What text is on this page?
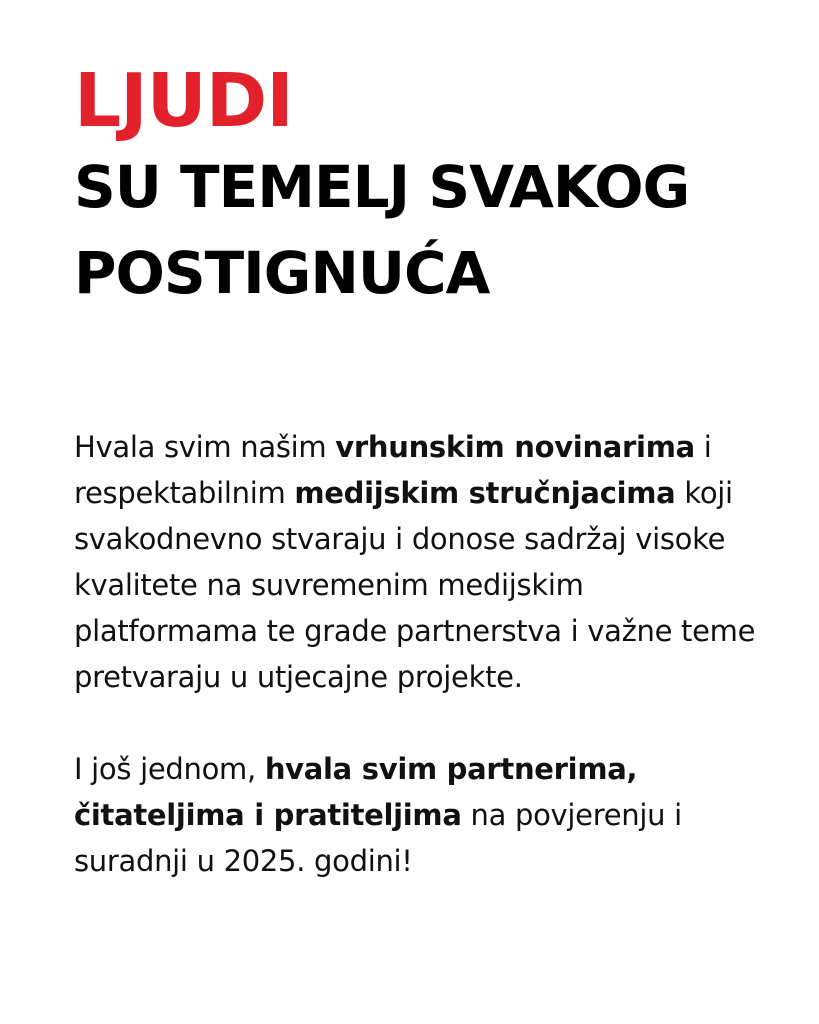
LJUDI
SU TEMELJ SVAKOG
POSTIGNUĆA

Hvala svim našim vrhunskim novinarima i respektabilnim medijskim stručnjacima koji svakodnevno stvaraju i donose sadržaj visoke kvalitete na suvremenim medijskim platformama te grade partnerstva i važne teme pretvaraju u utjecajne projekte.

I još jednom, hvala svim partnerima, čitateljima i pratiteljima na povjerenju i suradnji u 2025. godini!
